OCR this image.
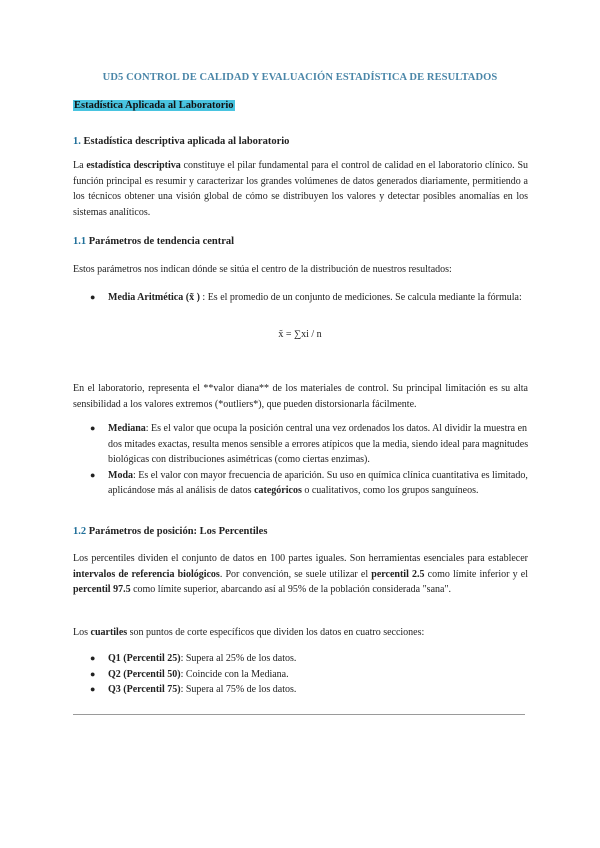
UD5 CONTROL DE CALIDAD Y EVALUACIÓN ESTADÍSTICA DE RESULTADOS
Estadística Aplicada al Laboratorio
1. Estadística descriptiva aplicada al laboratorio

La estadística descriptiva constituye el pilar fundamental para el control de calidad en el laboratorio clínico. Su función principal es resumir y caracterizar los grandes volúmenes de datos generados diariamente, permitiendo a los técnicos obtener una visión global de cómo se distribuyen los valores y detectar posibles anomalías en los sistemas analíticos.

1.1 Parámetros de tendencia central

Estos parámetros nos indican dónde se sitúa el centro de la distribución de nuestros resultados:

● Media Aritmética (x̃ ) : Es el promedio de un conjunto de mediciones. Se calcula mediante la fórmula:
x̃ = ∑xi / n

En el laboratorio, representa el **valor diana** de los materiales de control. Su principal limitación es su alta sensibilidad a los valores extremos (*outliers*), que pueden distorsionarla fácilmente.

● Mediana: Es el valor que ocupa la posición central una vez ordenados los datos. Al dividir la muestra en dos mitades exactas, resulta menos sensible a errores atípicos que la media, siendo ideal para magnitudes biológicas con distribuciones asimétricas (como ciertas enzimas).
● Moda: Es el valor con mayor frecuencia de aparición. Su uso en química clínica cuantitativa es limitado, aplicándose más al análisis de datos categóricos o cualitativos, como los grupos sanguíneos.
1.2 Parámetros de posición: Los Percentiles

Los percentiles dividen el conjunto de datos en 100 partes iguales. Son herramientas esenciales para establecer intervalos de referencia biológicos. Por convención, se suele utilizar el percentil 2.5 como límite inferior y el percentil 97.5 como límite superior, abarcando así al 95% de la población considerada "sana".

Los cuartiles son puntos de corte específicos que dividen los datos en cuatro secciones:

● Q1 (Percentil 25): Supera al 25% de los datos.
● Q2 (Percentil 50): Coincide con la Mediana.
● Q3 (Percentil 75): Supera al 75% de los datos.
